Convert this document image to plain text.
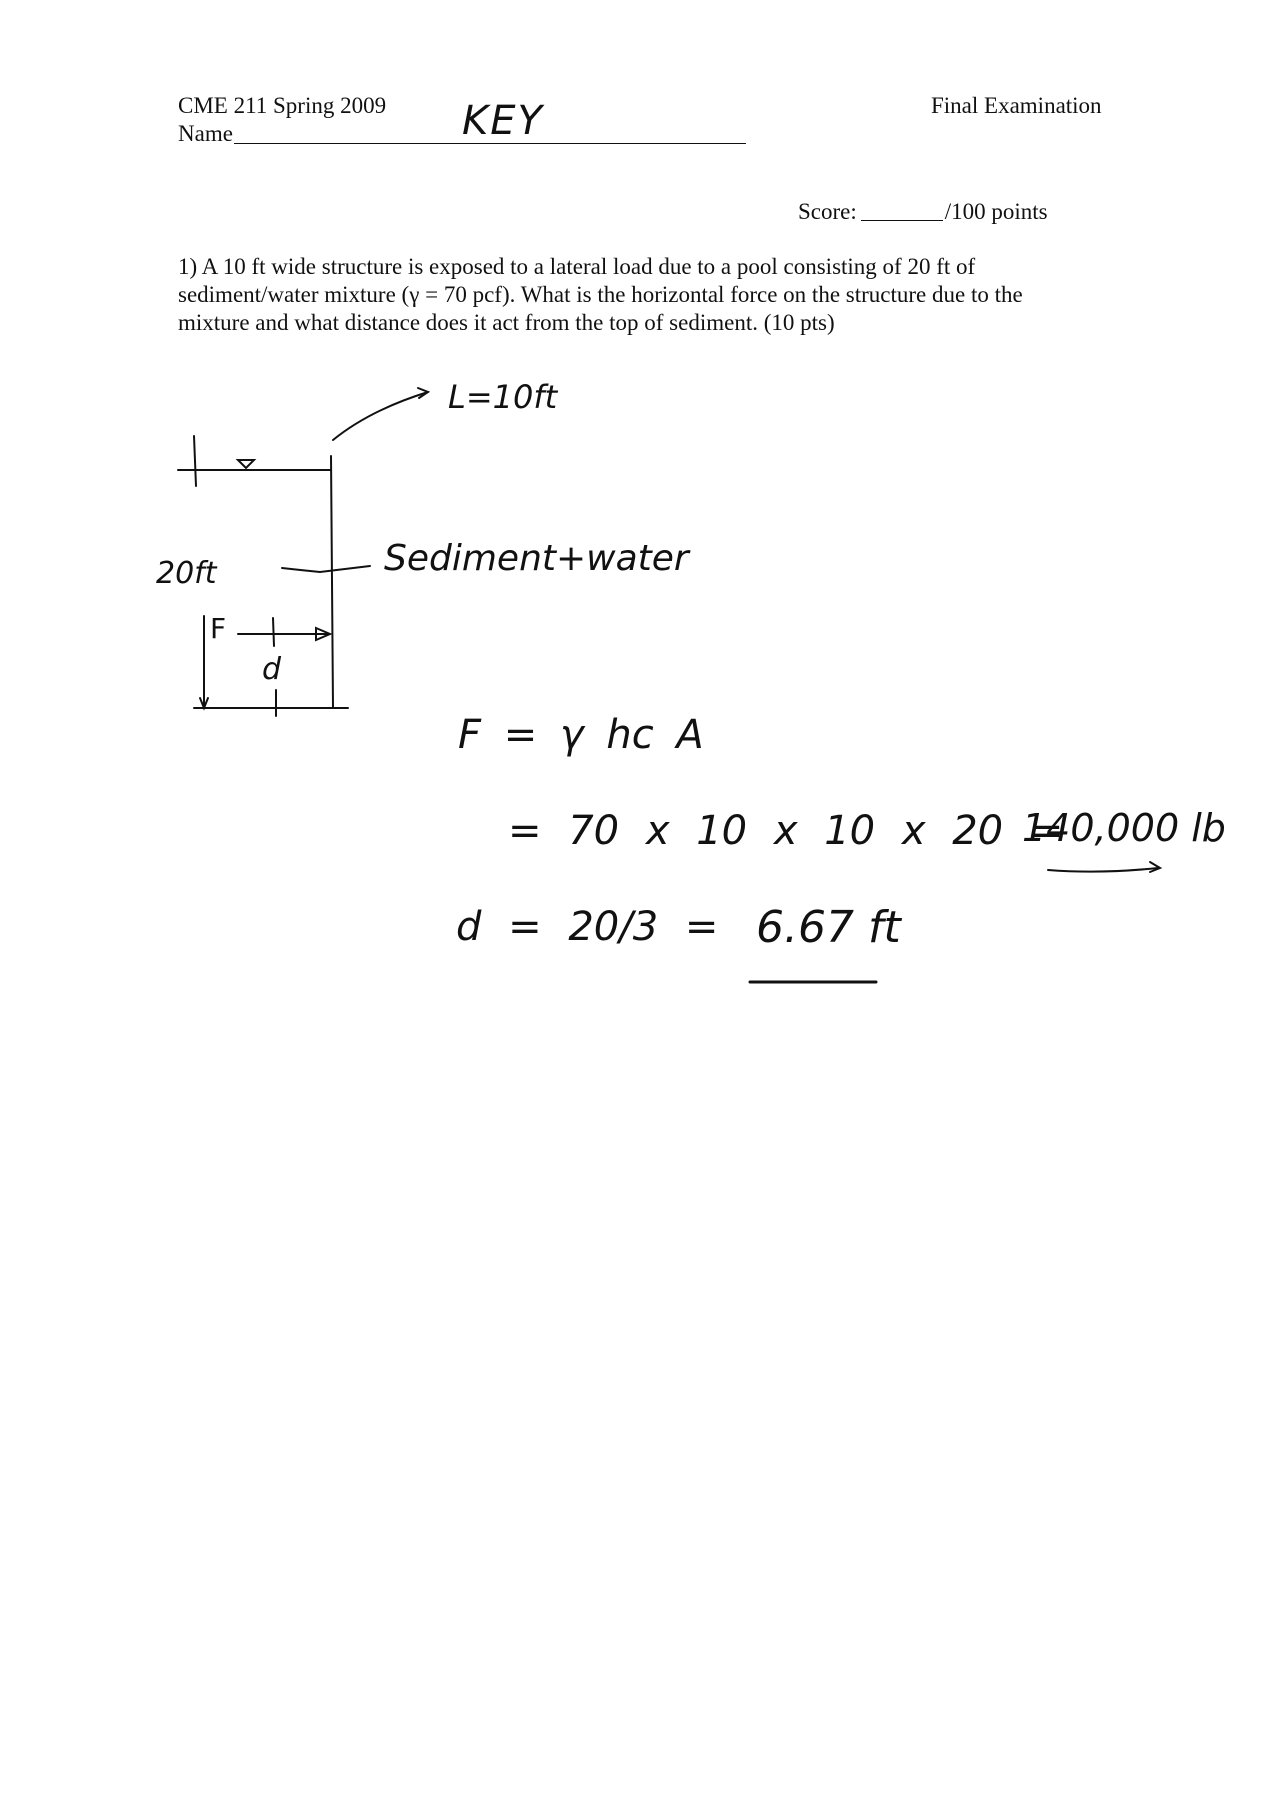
CME 211 Spring 2009
Name	KEY	Final Examination
Score:	/100 points

1) A 10 ft wide structure is exposed to a lateral load due to a pool consisting of 20 ft of

sediment/water mixture (γ = 70 pcf). What is the horizontal force on the structure due to the

mixture and what distance does it act from the top of sediment. (10 pts)

L=10ft
20ft	Sediment+water
F
d
F = γ hc A
= 70 x 10 x 10 x 20 =
140,000 lb
d = 20/3 = 6.67 ft
